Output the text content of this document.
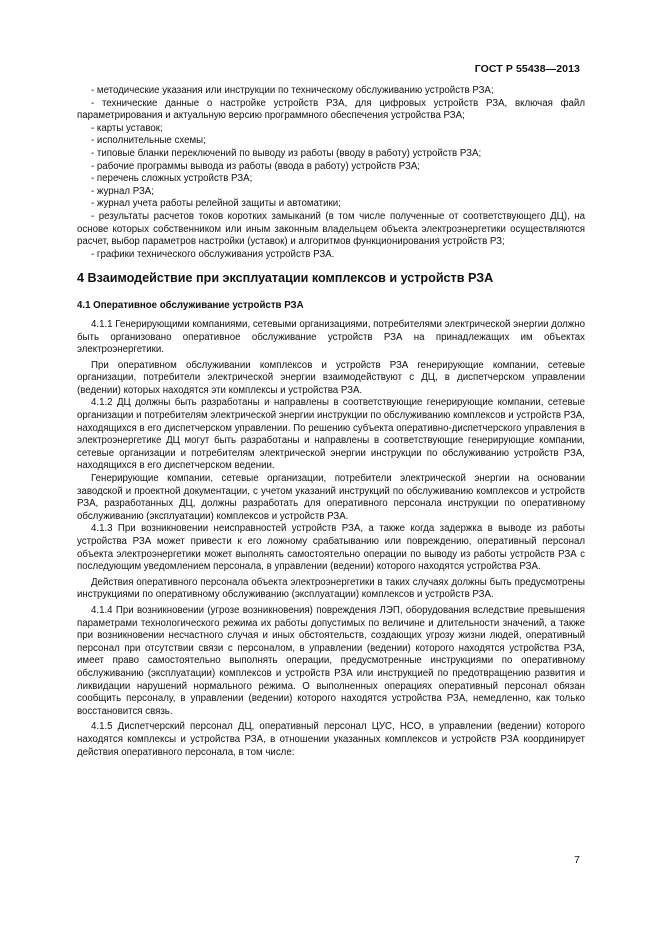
ГОСТ Р 55438—2013

- методические указания или инструкции по техническому обслуживанию устройств РЗА;

- технические данные о настройке устройств РЗА, для цифровых устройств РЗА, включая файл параметрирования и актуальную версию программного обеспечения устройства РЗА;

- карты уставок;

- исполнительные схемы;

- типовые бланки переключений по выводу из работы (вводу в работу) устройств РЗА;

- рабочие программы вывода из работы (ввода в работу) устройств РЗА;

- перечень сложных устройств РЗА;

- журнал РЗА;

- журнал учета работы релейной защиты и автоматики;

- результаты расчетов токов коротких замыканий (в том числе полученные от соответствующего ДЦ), на основе которых собственником или иным законным владельцем объекта электроэнергетики осуществляются расчет, выбор параметров настройки (уставок) и алгоритмов функционирования устройств РЗ;

- графики технического обслуживания устройств РЗА.

4 Взаимодействие при эксплуатации комплексов и устройств РЗА
4.1 Оперативное обслуживание устройств РЗА

4.1.1 Генерирующими компаниями, сетевыми организациями, потребителями электрической энергии должно быть организовано оперативное обслуживание устройств РЗА на принадлежащих им объектах электроэнергетики.

При оперативном обслуживании комплексов и устройств РЗА генерирующие компании, сетевые организации, потребители электрической энергии взаимодействуют с ДЦ, в диспетчерском управлении (ведении) которых находятся эти комплексы и устройства РЗА.

4.1.2 ДЦ должны быть разработаны и направлены в соответствующие генерирующие компании, сетевые организации и потребителям электрической энергии инструкции по обслуживанию комплексов и устройств РЗА, находящихся в его диспетчерском управлении. По решению субъекта оперативно-диспетчерского управления в электроэнергетике ДЦ могут быть разработаны и направлены в соответствующие генерирующие компании, сетевые организации и потребителям электрической энергии инструкции по обслуживанию устройств РЗА, находящихся в его диспетчерском ведении.

Генерирующие компании, сетевые организации, потребители электрической энергии на основании заводской и проектной документации, с учетом указаний инструкций по обслуживанию комплексов и устройств РЗА, разработанных ДЦ, должны разработать для оперативного персонала инструкции по оперативному обслуживанию (эксплуатации) комплексов и устройств РЗА.

4.1.3 При возникновении неисправностей устройств РЗА, а также когда задержка в выводе из работы устройства РЗА может привести к его ложному срабатыванию или повреждению, оперативный персонал объекта электроэнергетики может выполнять самостоятельно операции по выводу из работы устройств РЗА с последующим уведомлением персонала, в управлении (ведении) которого находятся устройства РЗА.

Действия оперативного персонала объекта электроэнергетики в таких случаях должны быть предусмотрены инструкциями по оперативному обслуживанию (эксплуатации) комплексов и устройств РЗА.

4.1.4 При возникновении (угрозе возникновения) повреждения ЛЭП, оборудования вследствие превышения параметрами технологического режима их работы допустимых по величине и длительности значений, а также при возникновении несчастного случая и иных обстоятельств, создающих угрозу жизни людей, оперативный персонал при отсутствии связи с персоналом, в управлении (ведении) которого находятся устройства РЗА, имеет право самостоятельно выполнять операции, предусмотренные инструкциями по оперативному обслуживанию (эксплуатации) комплексов и устройств РЗА или инструкцией по предотвращению развития и ликвидации нарушений нормального режима. О выполненных операциях оперативный персонал обязан сообщить персоналу, в управлении (ведении) которого находятся устройства РЗА, немедленно, как только восстановится связь.

4.1.5 Диспетчерский персонал ДЦ, оперативный персонал ЦУС, НСО, в управлении (ведении) которого находятся комплексы и устройства РЗА, в отношении указанных комплексов и устройств РЗА координирует действия оперативного персонала, в том числе:

7
